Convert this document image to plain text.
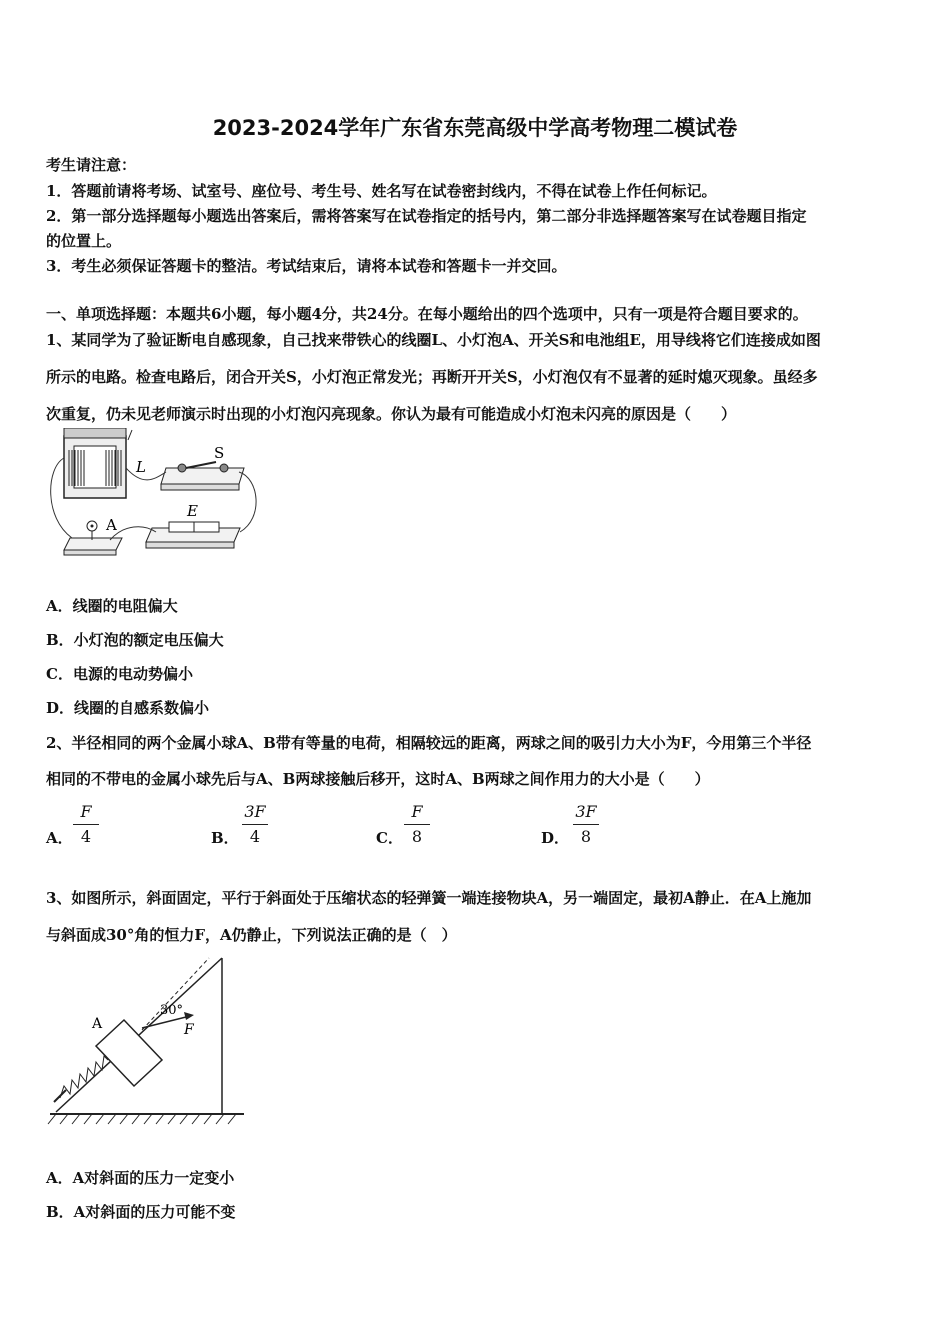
2023-2024学年广东省东莞高级中学高考物理二模试卷
考生请注意：
1．答题前请将考场、试室号、座位号、考生号、姓名写在试卷密封线内，不得在试卷上作任何标记。
2．第一部分选择题每小题选出答案后，需将答案写在试卷指定的括号内，第二部分非选择题答案写在试卷题目指定
的位置上。
3．考生必须保证答题卡的整洁。考试结束后，请将本试卷和答题卡一并交回。
一、单项选择题：本题共6小题，每小题4分，共24分。在每小题给出的四个选项中，只有一项是符合题目要求的。
1、某同学为了验证断电自感现象，自己找来带铁心的线圈L、小灯泡A、开关S和电池组E，用导线将它们连接成如图
所示的电路。检查电路后，闭合开关S，小灯泡正常发光；再断开开关S，小灯泡仅有不显著的延时熄灭现象。虽经多
次重复，仍未见老师演示时出现的小灯泡闪亮现象。你认为最有可能造成小灯泡未闪亮的原因是（　　）
L
S
E
A
A．线圈的电阻偏大
B．小灯泡的额定电压偏大
C．电源的电动势偏小
D．线圈的自感系数偏小
2、半径相同的两个金属小球A、B带有等量的电荷，相隔较远的距离，两球之间的吸引力大小为F，今用第三个半径
相同的不带电的金属小球先后与A、B两球接触后移开，这时A、B两球之间作用力的大小是（　　）
A．
F
4	B．
3F
4	C．
F
8	D．
3F
8
3、如图所示，斜面固定，平行于斜面处于压缩状态的轻弹簧一端连接物块A，另一端固定，最初A静止．在A上施加
与斜面成30°角的恒力F，A仍静止，下列说法正确的是（　）
A
30°
F
A．A对斜面的压力一定变小
B．A对斜面的压力可能不变
